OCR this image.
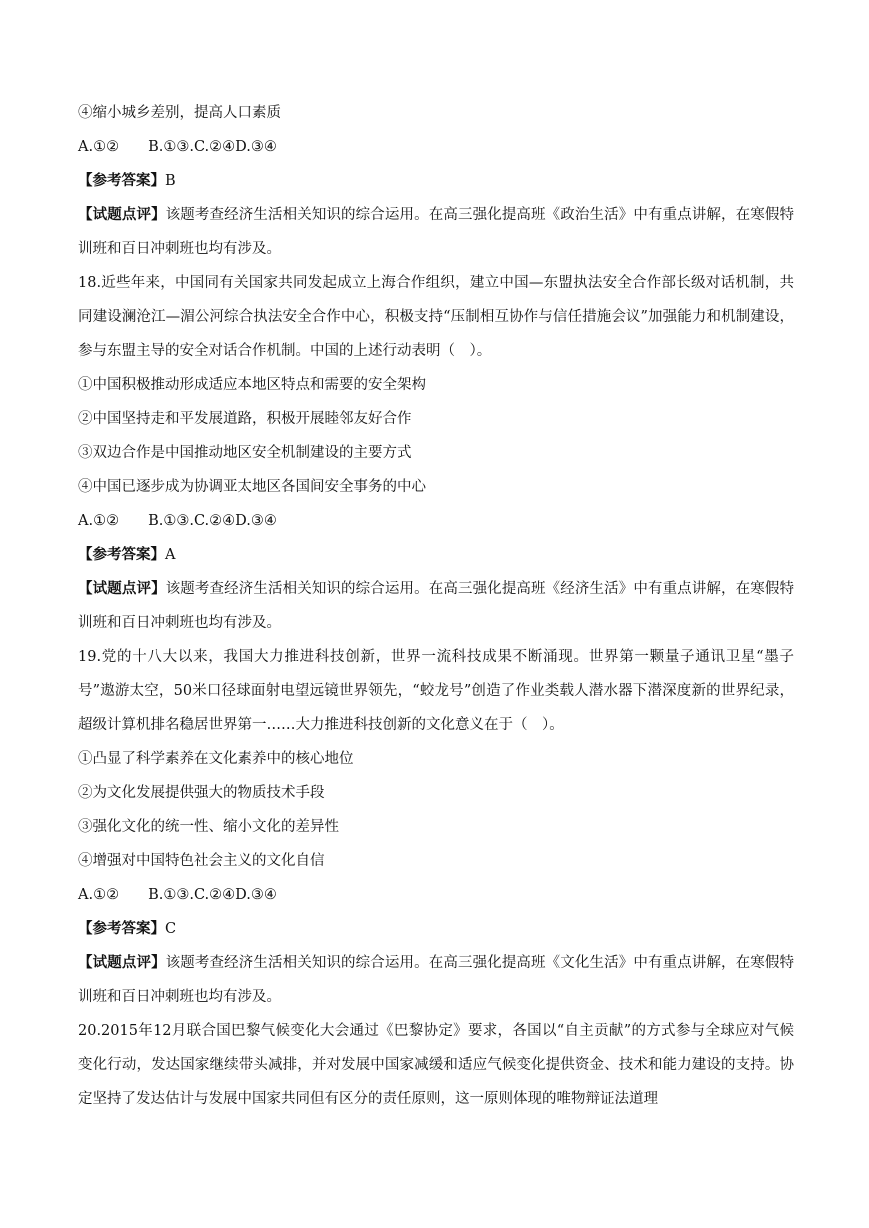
④缩小城乡差别，提高人口素质
A.①②　　B.①③.C.②④D.③④
【参考答案】B
【试题点评】该题考查经济生活相关知识的综合运用。在高三强化提高班《政治生活》中有重点讲解，在寒假特训班和百日冲刺班也均有涉及。
18.近些年来，中国同有关国家共同发起成立上海合作组织，建立中国—东盟执法安全合作部长级对话机制，共同建设澜沧江—湄公河综合执法安全合作中心，积极支持“压制相互协作与信任措施会议”加强能力和机制建设，参与东盟主导的安全对话合作机制。中国的上述行动表明（　）。
①中国积极推动形成适应本地区特点和需要的安全架构
②中国坚持走和平发展道路，积极开展睦邻友好合作
③双边合作是中国推动地区安全机制建设的主要方式
④中国已逐步成为协调亚太地区各国间安全事务的中心
A.①②　　B.①③.C.②④D.③④
【参考答案】A
【试题点评】该题考查经济生活相关知识的综合运用。在高三强化提高班《经济生活》中有重点讲解，在寒假特训班和百日冲刺班也均有涉及。
19.党的十八大以来，我国大力推进科技创新，世界一流科技成果不断涌现。世界第一颗量子通讯卫星“墨子号”遨游太空，50米口径球面射电望远镜世界领先，“蛟龙号”创造了作业类载人潜水器下潜深度新的世界纪录，超级计算机排名稳居世界第一……大力推进科技创新的文化意义在于（　）。
①凸显了科学素养在文化素养中的核心地位
②为文化发展提供强大的物质技术手段
③强化文化的统一性、缩小文化的差异性
④增强对中国特色社会主义的文化自信
A.①②　　B.①③.C.②④D.③④
【参考答案】C
【试题点评】该题考查经济生活相关知识的综合运用。在高三强化提高班《文化生活》中有重点讲解，在寒假特训班和百日冲刺班也均有涉及。
20.2015年12月联合国巴黎气候变化大会通过《巴黎协定》要求，各国以“自主贡献”的方式参与全球应对气候变化行动，发达国家继续带头减排，并对发展中国家减缓和适应气候变化提供资金、技术和能力建设的支持。协定坚持了发达估计与发展中国家共同但有区分的责任原则，这一原则体现的唯物辩证法道理
